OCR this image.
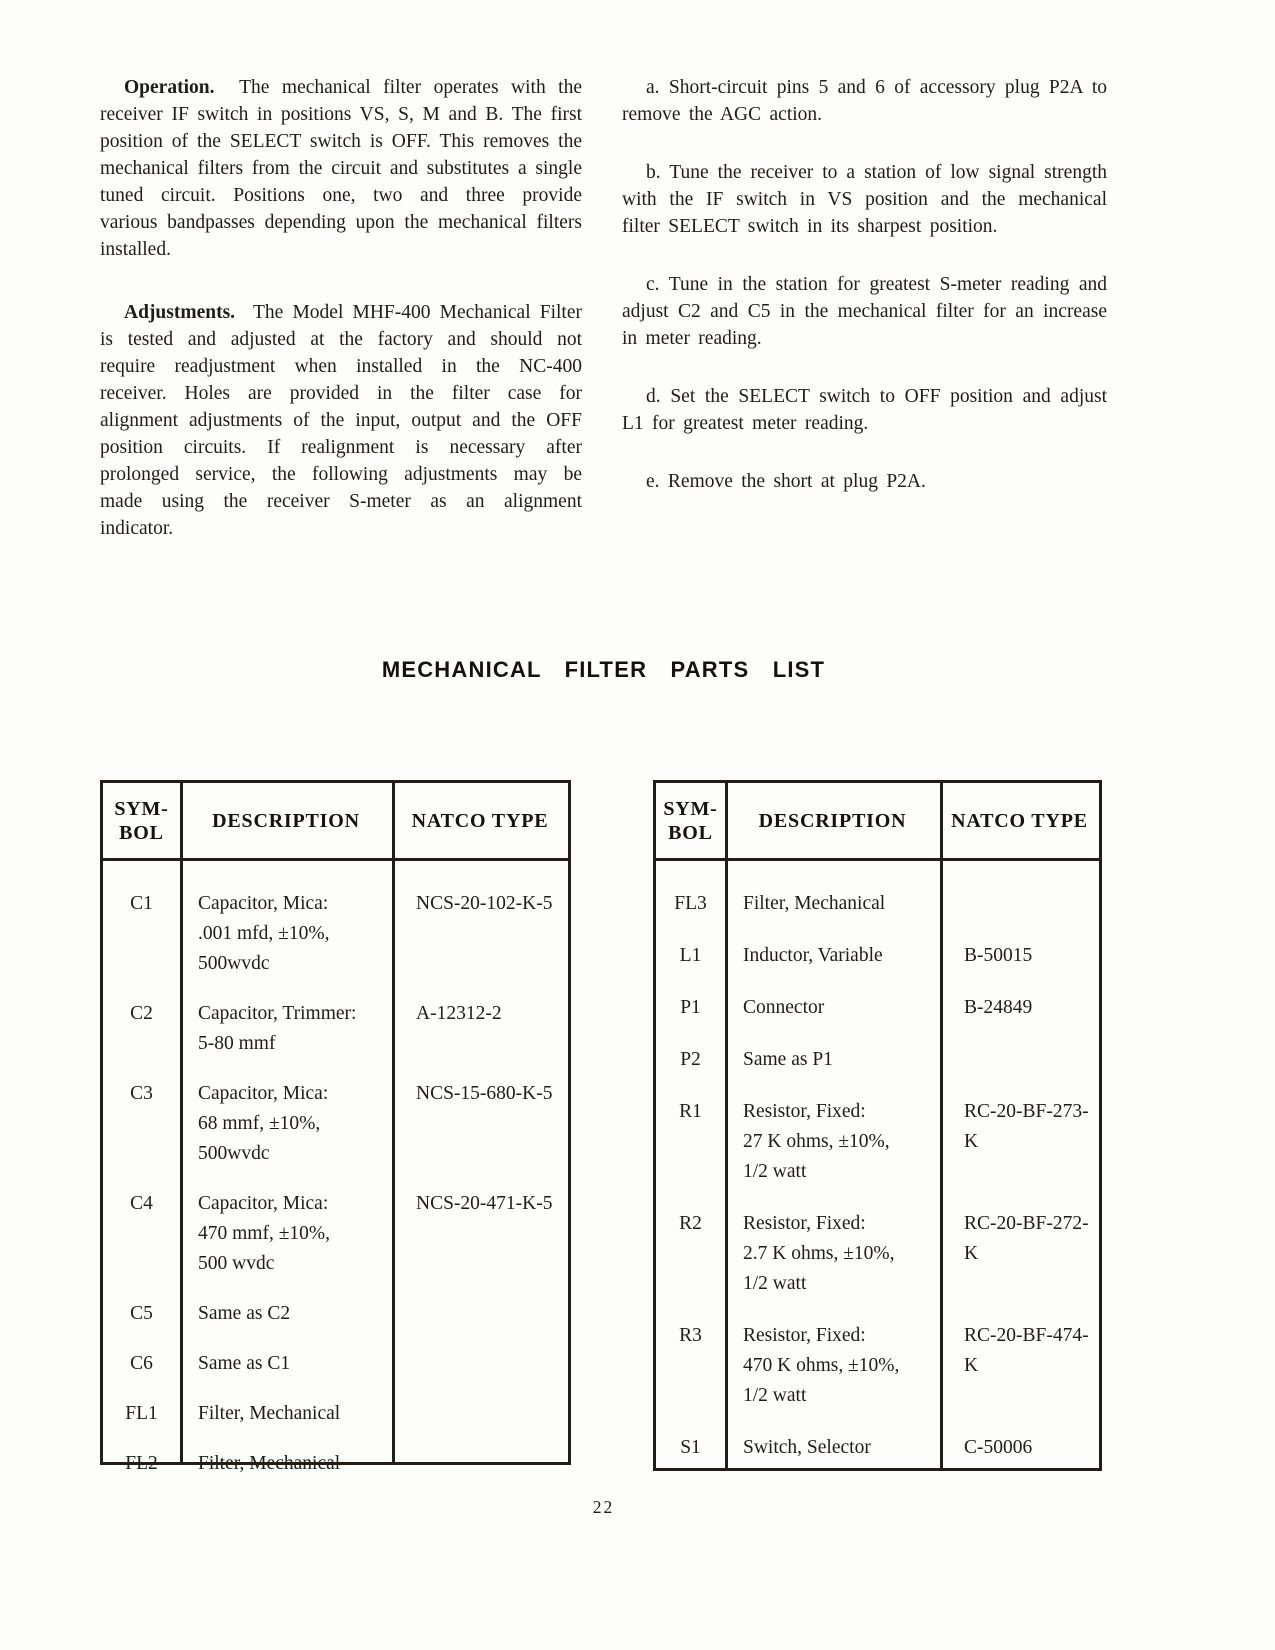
Operation. The mechanical filter operates with the receiver IF switch in positions VS, S, M and B. The first position of the SELECT switch is OFF. This removes the mechanical filters from the circuit and substitutes a single tuned circuit. Positions one, two and three provide various bandpasses depending upon the mechanical filters installed.

Adjustments. The Model MHF-400 Mechanical Filter is tested and adjusted at the factory and should not require readjustment when installed in the NC-400 receiver. Holes are provided in the filter case for alignment adjustments of the input, output and the OFF position circuits. If realignment is necessary after prolonged service, the following adjustments may be made using the receiver S-meter as an alignment indicator.

a. Short-circuit pins 5 and 6 of accessory plug P2A to remove the AGC action.

b. Tune the receiver to a station of low signal strength with the IF switch in VS position and the mechanical filter SELECT switch in its sharpest position.

c. Tune in the station for greatest S-meter reading and adjust C2 and C5 in the mechanical filter for an increase in meter reading.

d. Set the SELECT switch to OFF position and adjust L1 for greatest meter reading.

e. Remove the short at plug P2A.

MECHANICAL FILTER PARTS LIST
SYM-
BOL
DESCRIPTION	NATCO TYPE
C1	Capacitor, Mica:
.001 mfd, ±10%,
500wvdc
NCS-20-102-K-5
C2	Capacitor, Trimmer:
5-80 mmf
A-12312-2
C3	Capacitor, Mica:
68 mmf, ±10%,
500wvdc
NCS-15-680-K-5
C4	Capacitor, Mica:
470 mmf, ±10%,
500 wvdc
NCS-20-471-K-5
C5	Same as C2
C6	Same as C1
FL1	Filter, Mechanical
FL2	Filter, Mechanical
SYM-
BOL
DESCRIPTION	NATCO TYPE
FL3	Filter, Mechanical
L1	Inductor, Variable	B-50015
P1	Connector	B-24849
P2	Same as P1
R1	Resistor, Fixed:
27 K ohms, ±10%,
1/2 watt
RC-20-BF-273-K
R2	Resistor, Fixed:
2.7 K ohms, ±10%,
1/2 watt
RC-20-BF-272-K
R3	Resistor, Fixed:
470 K ohms, ±10%,
1/2 watt
RC-20-BF-474-K
S1	Switch, Selector	C-50006
22
